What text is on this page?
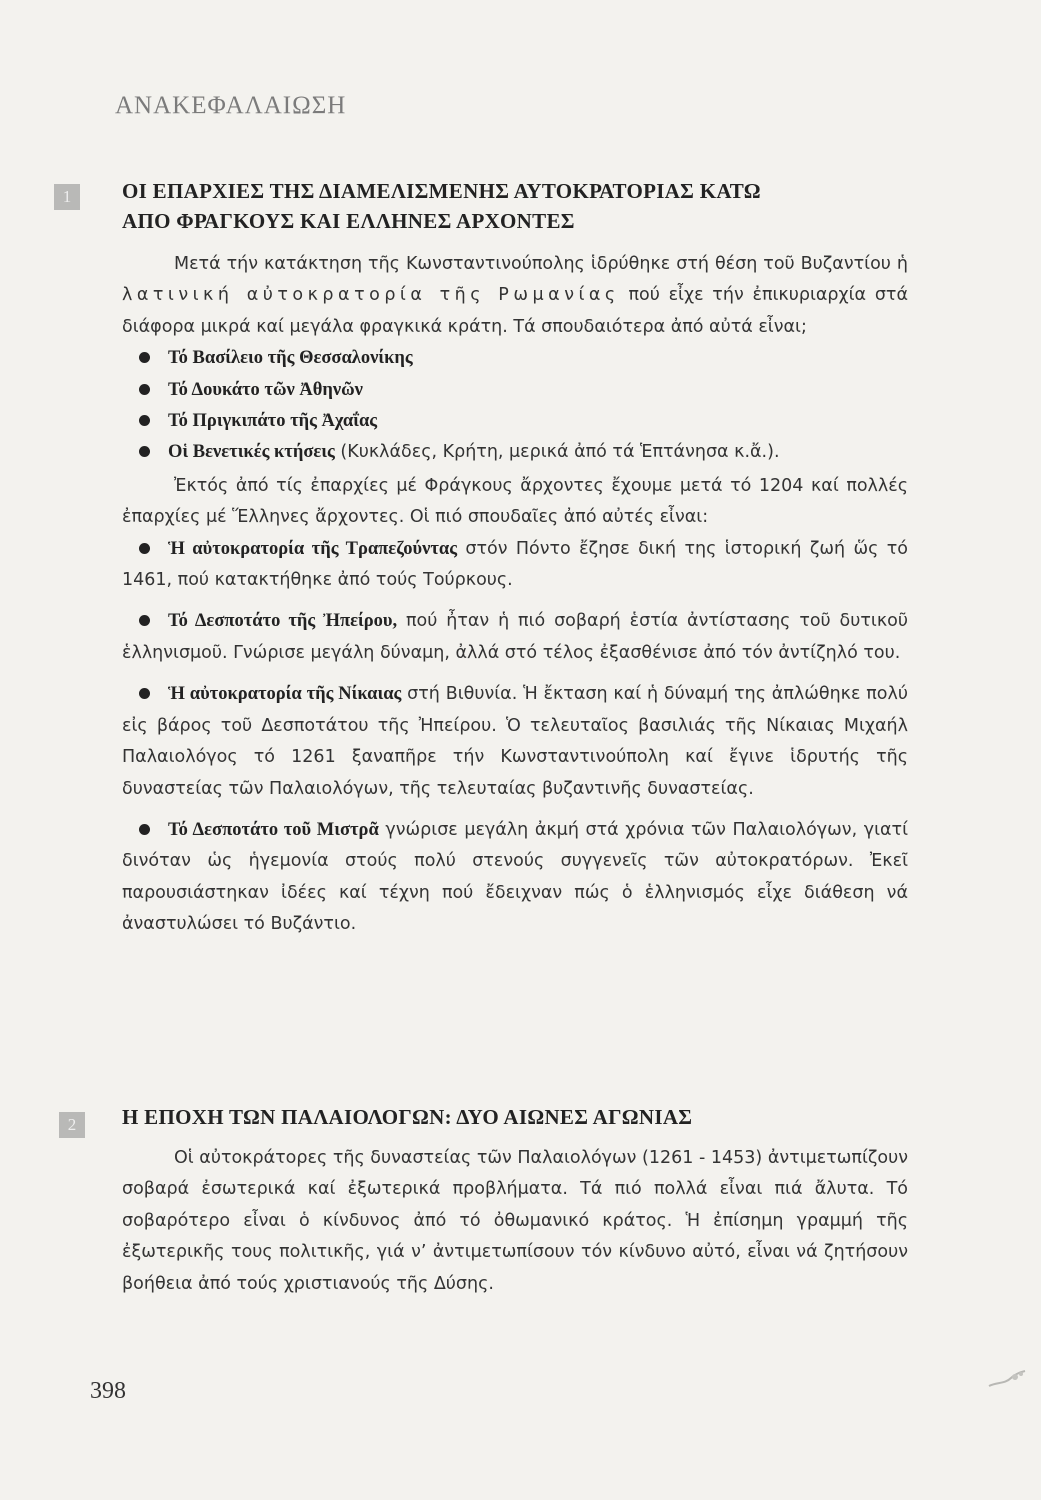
ΑΝΑΚΕΦΑΛΑΙΩΣΗ
1	ΟΙ ΕΠΑΡΧΙΕΣ ΤΗΣ ΔΙΑΜΕΛΙΣΜΕΝΗΣ ΑΥΤΟΚΡΑΤΟΡΙΑΣ ΚΑΤΩ
ΑΠΟ ΦΡΑΓΚΟΥΣ ΚΑΙ ΕΛΛΗΝΕΣ ΑΡΧΟΝΤΕΣ

Μετά τήν κατάκτηση τῆς Κωνσταντινούπολης ἱδρύθηκε στή θέση τοῦ Βυζαντίου ἡ λατινική αὐτοκρατορία τῆς Ρωμανίας πού εἶχε τήν ἐπικυριαρχία στά διάφορα μικρά καί μεγάλα φραγκικά κράτη. Τά σπουδαιότερα ἀπό αὐτά εἶναι;

Τό Βασίλειο τῆς Θεσσαλονίκης

Τό Δουκάτο τῶν Ἀθηνῶν

Τό Πριγκιπάτο τῆς Ἀχαΐας

Οἱ Βενετικές κτήσεις (Κυκλάδες, Κρήτη, μερικά ἀπό τά Ἑπτάνησα κ.ἄ.).

Ἐκτός ἀπό τίς ἐπαρχίες μέ Φράγκους ἄρχοντες ἔχουμε μετά τό 1204 καί πολλές ἐπαρχίες μέ Ἕλληνες ἄρχοντες. Οἱ πιό σπουδαῖες ἀπό αὐτές εἶναι:

Ἡ αὐτοκρατορία τῆς Τραπεζούντας στόν Πόντο ἔζησε δική της ἱστορική ζωή ὥς τό 1461, πού κατακτήθηκε ἀπό τούς Τούρκους.

Τό Δεσποτάτο τῆς Ἠπείρου, πού ἦταν ἡ πιό σοβαρή ἑστία ἀντίστασης τοῦ δυτικοῦ ἑλληνισμοῦ. Γνώρισε μεγάλη δύναμη, ἀλλά στό τέλος ἐξασθένισε ἀπό τόν ἀντίζηλό του.

Ἡ αὐτοκρατορία τῆς Νίκαιας στή Βιθυνία. Ἡ ἔκταση καί ἡ δύναμή της ἀπλώθηκε πολύ εἰς βάρος τοῦ Δεσποτάτου τῆς Ἠπείρου. Ὁ τελευταῖος βασιλιάς τῆς Νίκαιας Μιχαήλ Παλαιολόγος τό 1261 ξαναπῆρε τήν Κωνσταντινούπολη καί ἔγινε ἱδρυτής τῆς δυναστείας τῶν Παλαιολόγων, τῆς τελευταίας βυζαντινῆς δυναστείας.

Τό Δεσποτάτο τοῦ Μιστρᾶ γνώρισε μεγάλη ἀκμή στά χρόνια τῶν Παλαιολόγων, γιατί δινόταν ὡς ἡγεμονία στούς πολύ στενούς συγγενεῖς τῶν αὐτοκρατόρων. Ἐκεῖ παρουσιάστηκαν ἰδέες καί τέχνη πού ἔδειχναν πώς ὁ ἑλληνισμός εἶχε διάθεση νά ἀναστυλώσει τό Βυζάντιο.

2	Η ΕΠΟΧΗ ΤΩΝ ΠΑΛΑΙΟΛΟΓΩΝ: ΔΥΟ ΑΙΩΝΕΣ ΑΓΩΝΙΑΣ

Οἱ αὐτοκράτορες τῆς δυναστείας τῶν Παλαιολόγων (1261 - 1453) ἀντιμετωπίζουν σοβαρά ἐσωτερικά καί ἐξωτερικά προβλήματα. Τά πιό πολλά εἶναι πιά ἄλυτα. Τό σοβαρότερο εἶναι ὁ κίνδυνος ἀπό τό ὀθωμανικό κράτος. Ἡ ἐπίσημη γραμμή τῆς ἐξωτερικῆς τους πολιτικῆς, γιά ν’ ἀντιμετωπίσουν τόν κίνδυνο αὐτό, εἶναι νά ζητήσουν βοήθεια ἀπό τούς χριστιανούς τῆς Δύσης.

398
